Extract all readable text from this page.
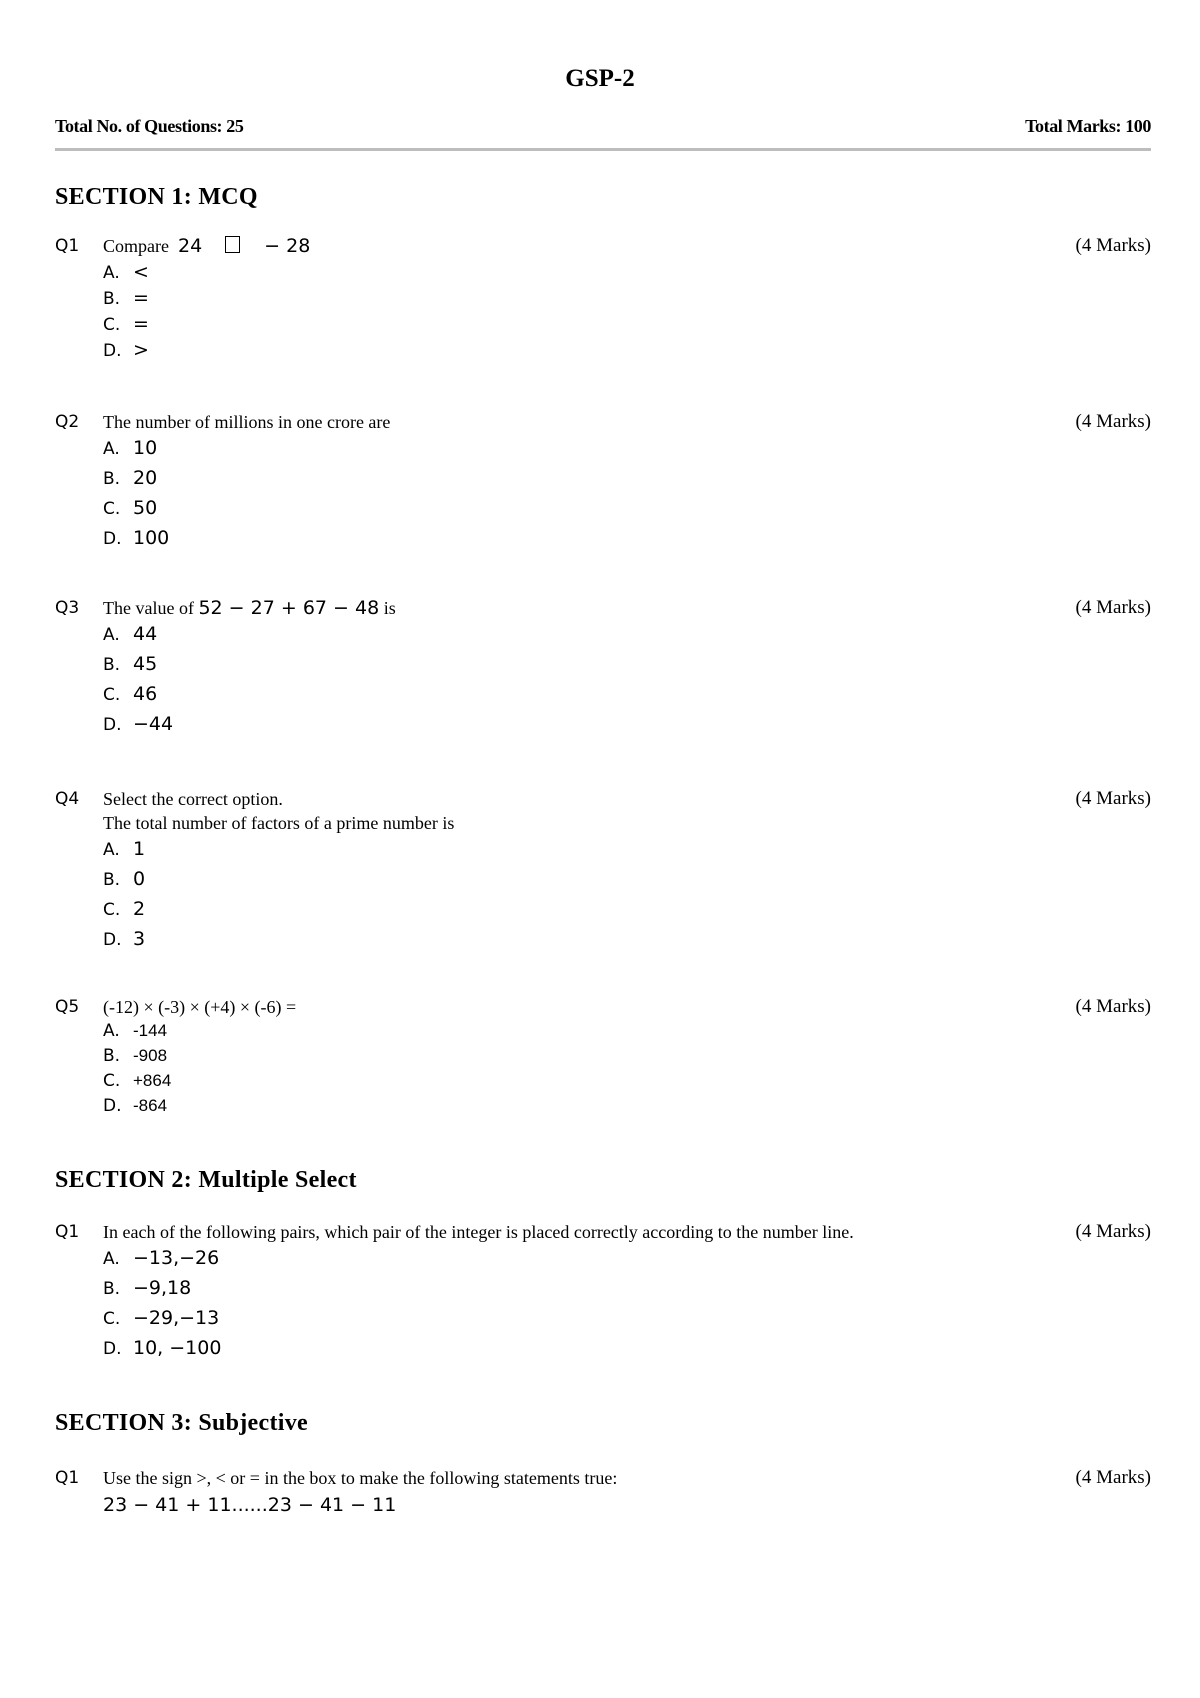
GSP-2
Total No. of Questions: 25	Total Marks: 100
SECTION 1: MCQ
Q1 Compare 24	− 28
A. <
B. =
C. =
D. >
(4 Marks)
Q2 The number of millions in one crore are
A. 10
B. 20
C. 50
D. 100
(4 Marks)
Q3 The value of 52 − 27 + 67 − 48 is
A. 44
B. 45
C. 46
D. −44
(4 Marks)
Q4 Select the correct option.
The total number of factors of a prime number is
A. 1
B. 0
C. 2
D. 3
(4 Marks)
Q5 (-12) × (-3) × (+4) × (-6) =
A. -144
B. -908
C. +864
D. -864
(4 Marks)
SECTION 2: Multiple Select
Q1 In each of the following pairs, which pair of the integer is placed correctly according to the number line.
A. −13,−26
B. −9,18
C. −29,−13
D. 10, −100
(4 Marks)
SECTION 3: Subjective
Q1 Use the sign >, < or = in the box to make the following statements true:
23 − 41 + 11......23 − 41 − 11
(4 Marks)
